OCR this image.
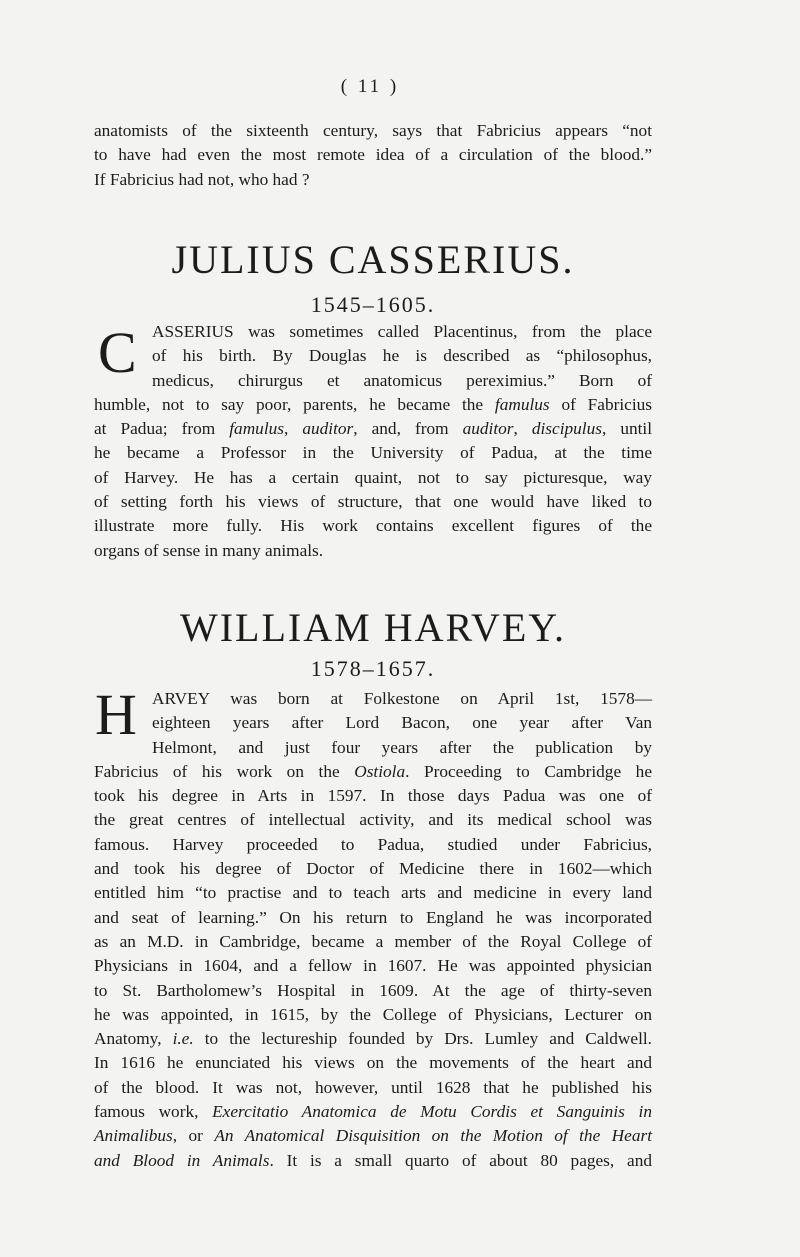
( 11 )
anatomists of the sixteenth century, says that Fabricius appears “not
to have had even the most remote idea of a circulation of the blood.”
If Fabricius had not, who had ?
JULIUS CASSERIUS.
1545–1605.
C ASSERIUS was sometimes called Placentinus, from the place
of his birth. By Douglas he is described as “philosophus,
medicus, chirurgus et anatomicus pereximius.” Born of
humble, not to say poor, parents, he became the famulus of Fabricius
at Padua; from famulus, auditor, and, from auditor, discipulus, until
he became a Professor in the University of Padua, at the time
of Harvey. He has a certain quaint, not to say picturesque, way
of setting forth his views of structure, that one would have liked to
illustrate more fully. His work contains excellent figures of the
organs of sense in many animals.
WILLIAM HARVEY.
1578–1657.
H ARVEY was born at Folkestone on April 1st, 1578—
eighteen years after Lord Bacon, one year after Van
Helmont, and just four years after the publication by
Fabricius of his work on the Ostiola. Proceeding to Cambridge he
took his degree in Arts in 1597. In those days Padua was one of
the great centres of intellectual activity, and its medical school was
famous. Harvey proceeded to Padua, studied under Fabricius,
and took his degree of Doctor of Medicine there in 1602—which
entitled him “to practise and to teach arts and medicine in every land
and seat of learning.” On his return to England he was incorporated
as an M.D. in Cambridge, became a member of the Royal College of
Physicians in 1604, and a fellow in 1607. He was appointed physician
to St. Bartholomew’s Hospital in 1609. At the age of thirty-seven
he was appointed, in 1615, by the College of Physicians, Lecturer on
Anatomy, i.e. to the lectureship founded by Drs. Lumley and Caldwell.
In 1616 he enunciated his views on the movements of the heart and
of the blood. It was not, however, until 1628 that he published his
famous work, Exercitatio Anatomica de Motu Cordis et Sanguinis in
Animalibus, or An Anatomical Disquisition on the Motion of the Heart
and Blood in Animals. It is a small quarto of about 80 pages, and
